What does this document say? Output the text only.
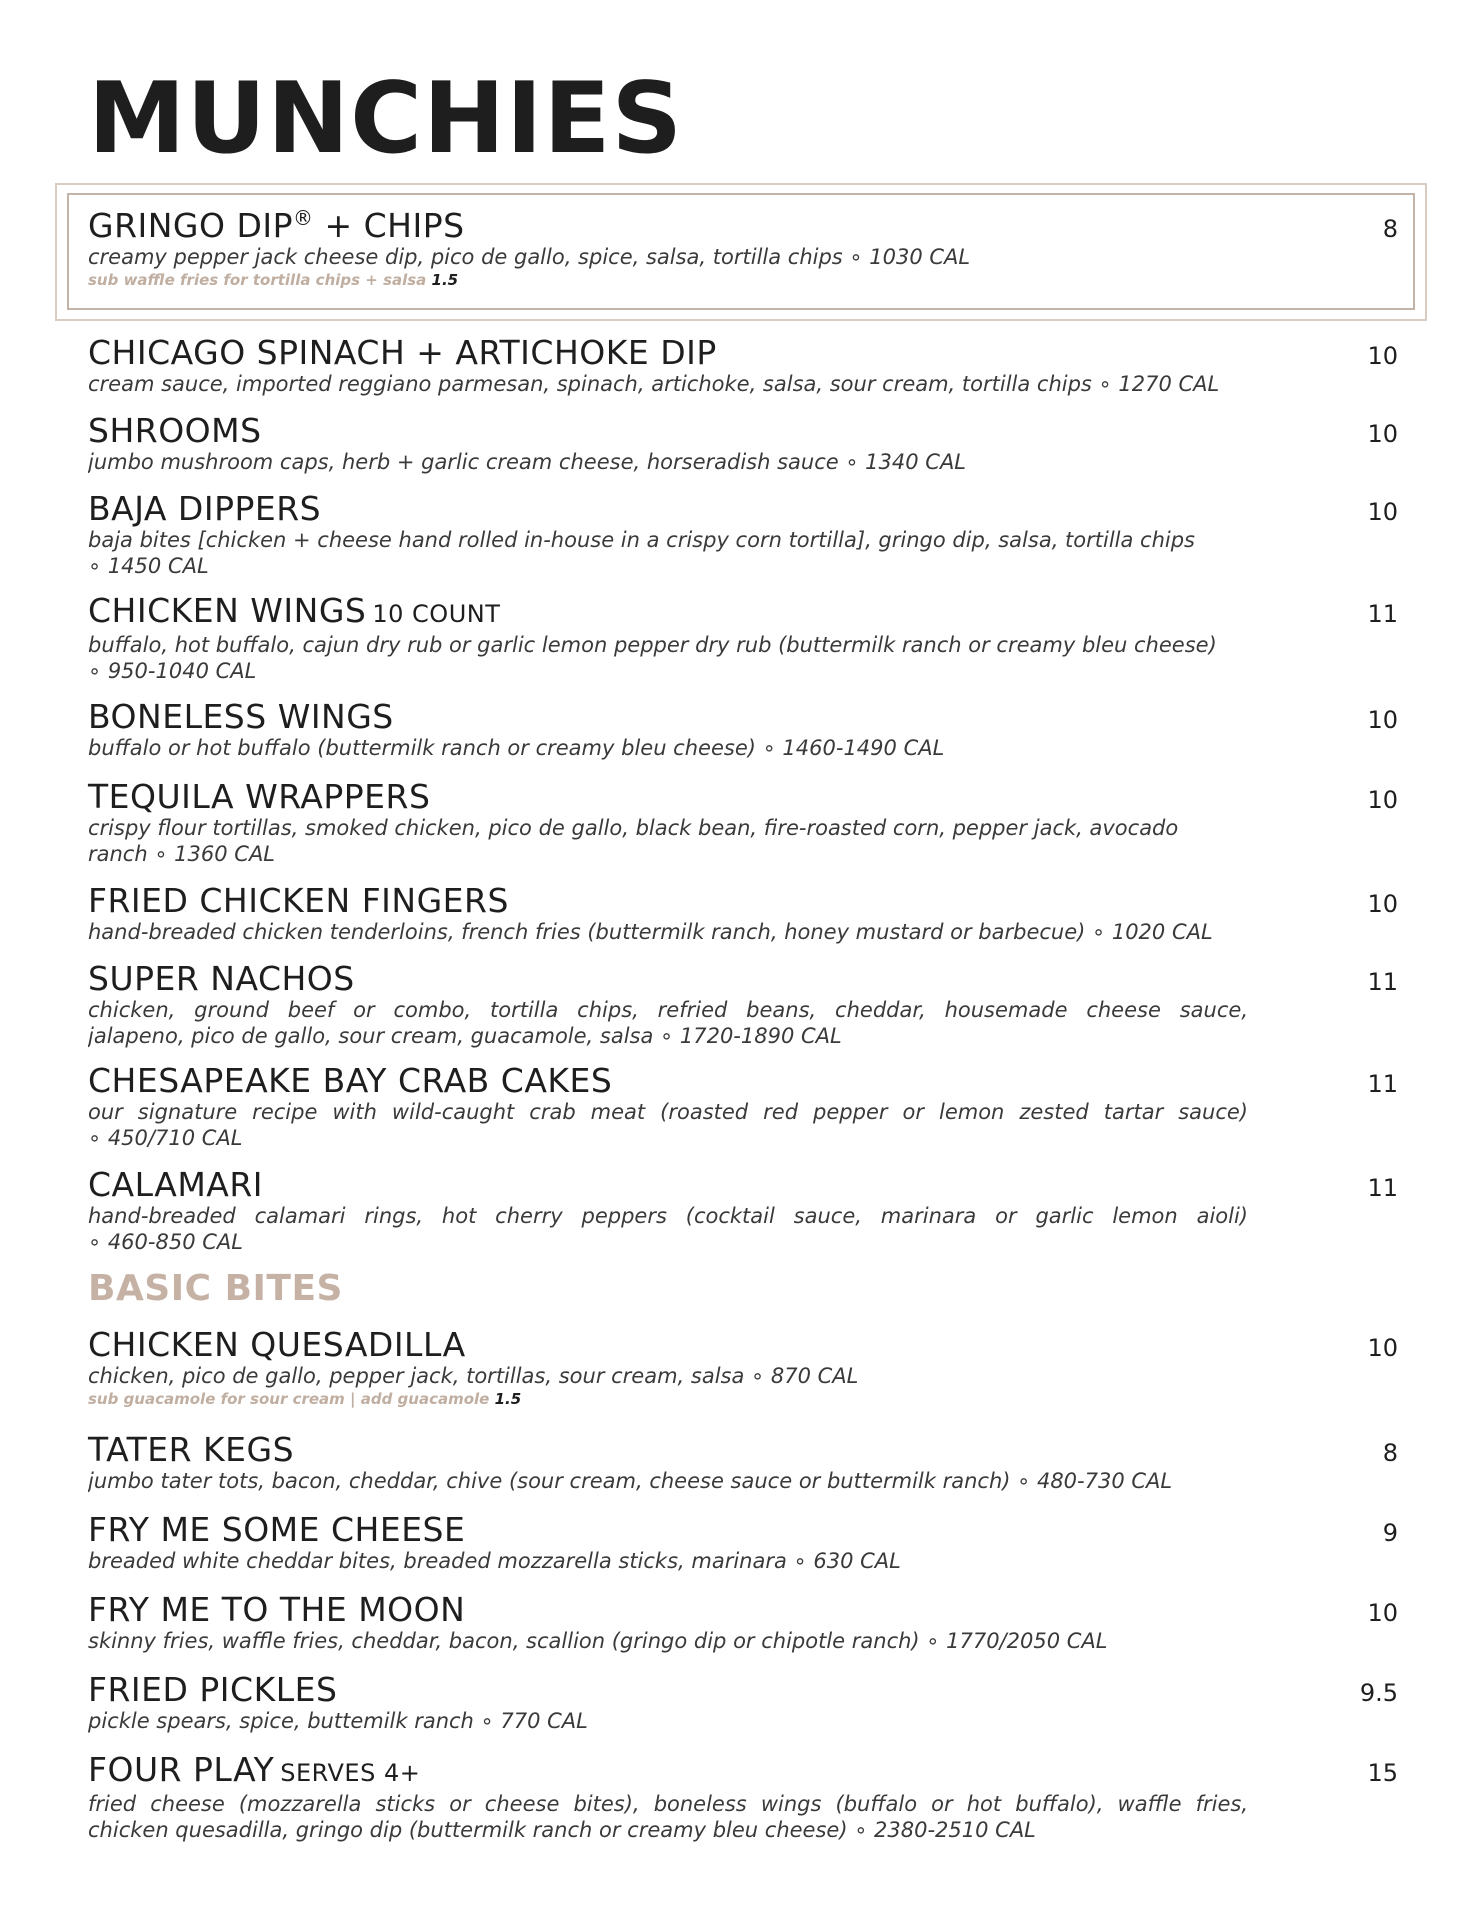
MUNCHIES
GRINGO DIP® + CHIPS	8
creamy pepper jack cheese dip, pico de gallo, spice, salsa, tortilla chips ∘ 1030 CAL
sub waffle fries for tortilla chips + salsa 1.5
CHICAGO SPINACH + ARTICHOKE DIP	10
cream sauce, imported reggiano parmesan, spinach, artichoke, salsa, sour cream, tortilla chips ∘ 1270 CAL
SHROOMS	10
jumbo mushroom caps, herb + garlic cream cheese, horseradish sauce ∘ 1340 CAL
BAJA DIPPERS	10
baja bites [chicken + cheese hand rolled in-house in a crispy corn tortilla], gringo dip, salsa, tortilla chips
∘ 1450 CAL
CHICKEN WINGS 10 COUNT	11
buffalo, hot buffalo, cajun dry rub or garlic lemon pepper dry rub (buttermilk ranch or creamy bleu cheese)
∘ 950-1040 CAL
BONELESS WINGS	10
buffalo or hot buffalo (buttermilk ranch or creamy bleu cheese) ∘ 1460-1490 CAL
TEQUILA WRAPPERS	10
crispy flour tortillas, smoked chicken, pico de gallo, black bean, fire-roasted corn, pepper jack, avocado
ranch ∘ 1360 CAL
FRIED CHICKEN FINGERS	10
hand-breaded chicken tenderloins, french fries (buttermilk ranch, honey mustard or barbecue) ∘ 1020 CAL
SUPER NACHOS	11
chicken, ground beef or combo, tortilla chips, refried beans, cheddar, housemade cheese sauce,
jalapeno, pico de gallo, sour cream, guacamole, salsa ∘ 1720-1890 CAL
CHESAPEAKE BAY CRAB CAKES	11
our signature recipe with wild-caught crab meat (roasted red pepper or lemon zested tartar sauce)
∘ 450/710 CAL
CALAMARI	11
hand-breaded calamari rings, hot cherry peppers (cocktail sauce, marinara or garlic lemon aioli)
∘ 460-850 CAL
BASIC BITES
CHICKEN QUESADILLA	10
chicken, pico de gallo, pepper jack, tortillas, sour cream, salsa ∘ 870 CAL
sub guacamole for sour cream | add guacamole 1.5
TATER KEGS	8
jumbo tater tots, bacon, cheddar, chive (sour cream, cheese sauce or buttermilk ranch) ∘ 480-730 CAL
FRY ME SOME CHEESE	9
breaded white cheddar bites, breaded mozzarella sticks, marinara ∘ 630 CAL
FRY ME TO THE MOON	10
skinny fries, waffle fries, cheddar, bacon, scallion (gringo dip or chipotle ranch) ∘ 1770/2050 CAL
FRIED PICKLES	9.5
pickle spears, spice, buttemilk ranch ∘ 770 CAL
FOUR PLAY SERVES 4+	15
fried cheese (mozzarella sticks or cheese bites), boneless wings (buffalo or hot buffalo), waffle fries,
chicken quesadilla, gringo dip (buttermilk ranch or creamy bleu cheese) ∘ 2380-2510 CAL
